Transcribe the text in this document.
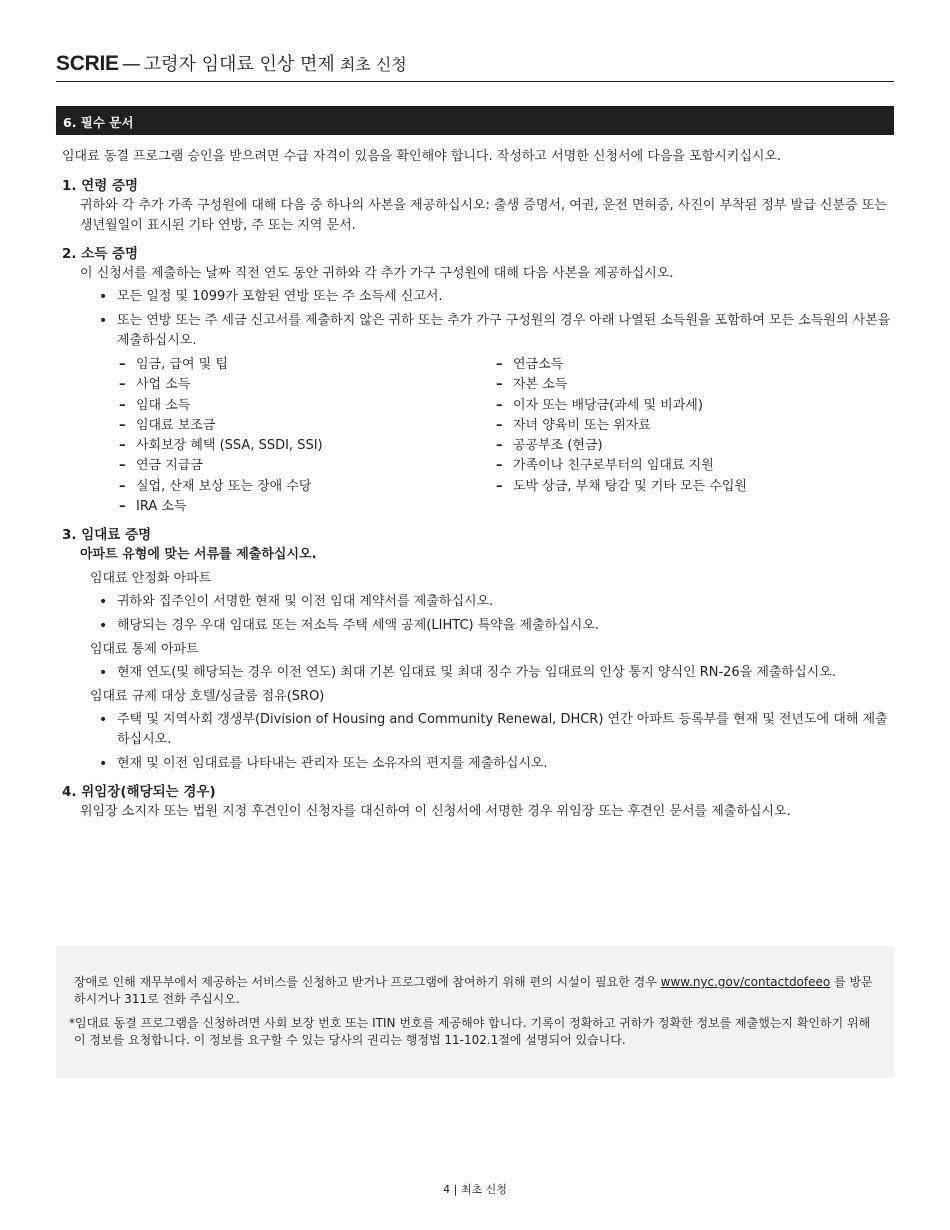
SCRIE — 고령자 임대료 인상 면제 최초 신청
6. 필수 문서
임대료 동결 프로그램 승인을 받으려면 수급 자격이 있음을 확인해야 합니다. 작성하고 서명한 신청서에 다음을 포함시키십시오.
1. 연령 증명
귀하와 각 추가 가족 구성원에 대해 다음 중 하나의 사본을 제공하십시오: 출생 증명서, 여권, 운전 면허증, 사진이 부착된 정부 발급 신분증 또는 생년월일이 표시된 기타 연방, 주 또는 지역 문서.
2. 소득 증명
이 신청서를 제출하는 날짜 직전 연도 동안 귀하와 각 추가 가구 구성원에 대해 다음 사본을 제공하십시오.
• 모든 일정 및 1099가 포함된 연방 또는 주 소득세 신고서.
• 또는 연방 또는 주 세금 신고서를 제출하지 않은 귀하 또는 추가 가구 구성원의 경우 아래 나열된 소득원을 포함하여 모든 소득원의 사본을 제출하십시오.
– 임금, 급여 및 팁
– 사업 소득
– 임대 소득
– 임대료 보조금
– 사회보장 혜택 (SSA, SSDI, SSI)
– 연금 지급금
– 실업, 산재 보상 또는 장애 수당
– IRA 소득
– 연금소득
– 자본 소득
– 이자 또는 배당금(과세 및 비과세)
– 자녀 양육비 또는 위자료
– 공공부조 (현금)
– 가족이나 친구로부터의 임대료 지원
– 도박 상금, 부채 탕감 및 기타 모든 수입원
3. 임대료 증명
아파트 유형에 맞는 서류를 제출하십시오.
임대료 안정화 아파트
• 귀하와 집주인이 서명한 현재 및 이전 임대 계약서를 제출하십시오.
• 해당되는 경우 우대 임대료 또는 저소득 주택 세액 공제(LIHTC) 특약을 제출하십시오.
임대료 통제 아파트
• 현재 연도(및 해당되는 경우 이전 연도) 최대 기본 임대료 및 최대 징수 가능 임대료의 인상 통지 양식인 RN-26을 제출하십시오.
임대료 규제 대상 호텔/싱글룸 점유(SRO)
• 주택 및 지역사회 갱생부(Division of Housing and Community Renewal, DHCR) 연간 아파트 등록부를 현재 및 전년도에 대해 제출하십시오.
• 현재 및 이전 임대료를 나타내는 관리자 또는 소유자의 편지를 제출하십시오.
4. 위임장(해당되는 경우)
위임장 소지자 또는 법원 지정 후견인이 신청자를 대신하여 이 신청서에 서명한 경우 위임장 또는 후견인 문서를 제출하십시오.

장애로 인해 재무부에서 제공하는 서비스를 신청하고 받거나 프로그램에 참여하기 위해 편의 시설이 필요한 경우 www.nyc.gov/contactdofeeo 를 방문하시거나 311로 전화 주십시오.

*임대료 동결 프로그램을 신청하려면 사회 보장 번호 또는 ITIN 번호를 제공해야 합니다. 기록이 정확하고 귀하가 정확한 정보를 제출했는지 확인하기 위해 이 정보를 요청합니다. 이 정보를 요구할 수 있는 당사의 권리는 행정법 11-102.1절에 설명되어 있습니다.

4 | 최초 신청
